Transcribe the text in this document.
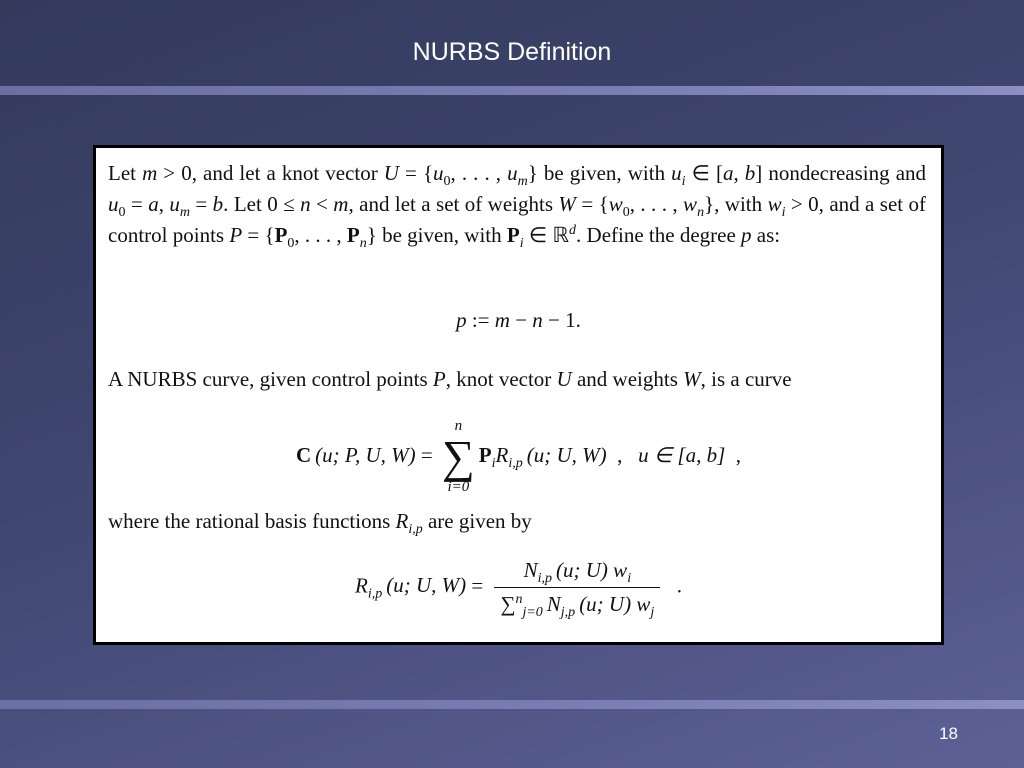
NURBS Definition
Let m > 0, and let a knot vector $U = \{u_0$, . . . , $u_m$} be given, with $u_i$ ∈ [a, b] nondecreasing and $u_0 = a$, $u_m = b$. Let 0 ≤ n < m, and let a set of weights $W = \{w_0$, . . . , $w_n$}, with $w_i > 0$, and a set of control points $P = \{P_0$, . . . , $P_n$} be given, with $P_i$ ∈ ℝ$^d$. Define the degree p as:
p := m − n − 1.
A NURBS curve, given control points P, knot vector U and weights W, is a curve
C (u; P, U, W) =
n
∑
i=0
$P_iR_{i,p}$ (u; U, W)  ,   u ∈ [a, b]  ,
where the rational basis functions $R_{i,p}$ are given by
$R_{i,p}$ (u; U, $W) = \frac{N_{i,p} (u; U) w_i}{\sum^n_{j=0} N_{j,p} (u; U) w_j}$ .
18
